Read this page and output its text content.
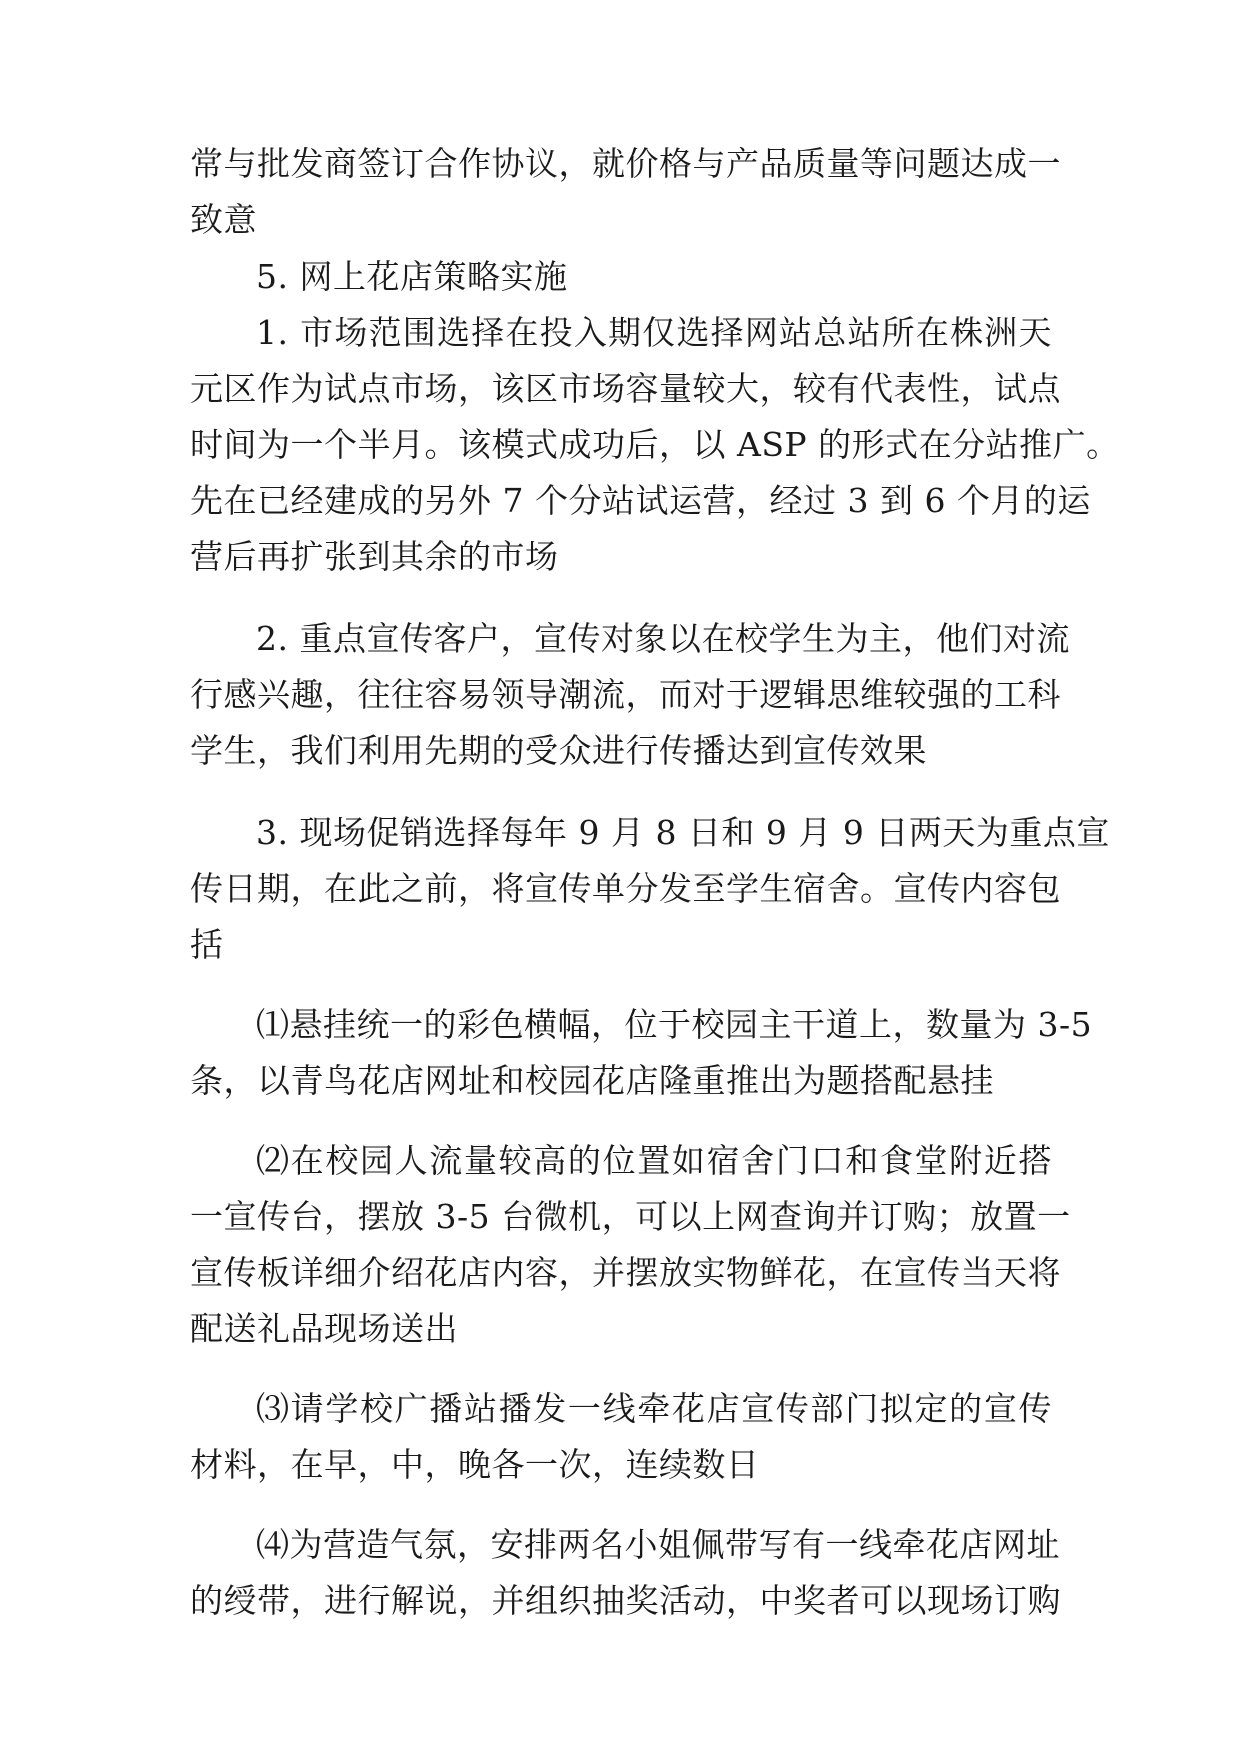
常与批发商签订合作协议，就价格与产品质量等问题达成一
致意
5. 网上花店策略实施
1. 市场范围选择在投入期仅选择网站总站所在株洲天
元区作为试点市场，该区市场容量较大，较有代表性，试点
时间为一个半月。该模式成功后，以 ASP 的形式在分站推广。
先在已经建成的另外 7 个分站试运营，经过 3 到 6 个月的运
营后再扩张到其余的市场
2. 重点宣传客户，宣传对象以在校学生为主，他们对流
行感兴趣，往往容易领导潮流，而对于逻辑思维较强的工科
学生，我们利用先期的受众进行传播达到宣传效果
3. 现场促销选择每年 9 月 8 日和 9 月 9 日两天为重点宣
传日期，在此之前，将宣传单分发至学生宿舍。宣传内容包
括
⑴悬挂统一的彩色横幅，位于校园主干道上，数量为 3-5
条，以青鸟花店网址和校园花店隆重推出为题搭配悬挂
⑵在校园人流量较高的位置如宿舍门口和食堂附近搭
一宣传台，摆放 3-5 台微机，可以上网查询并订购；放置一
宣传板详细介绍花店内容，并摆放实物鲜花，在宣传当天将
配送礼品现场送出
⑶请学校广播站播发一线牵花店宣传部门拟定的宣传
材料，在早，中，晚各一次，连续数日
⑷为营造气氛，安排两名小姐佩带写有一线牵花店网址
的绶带，进行解说，并组织抽奖活动，中奖者可以现场订购
